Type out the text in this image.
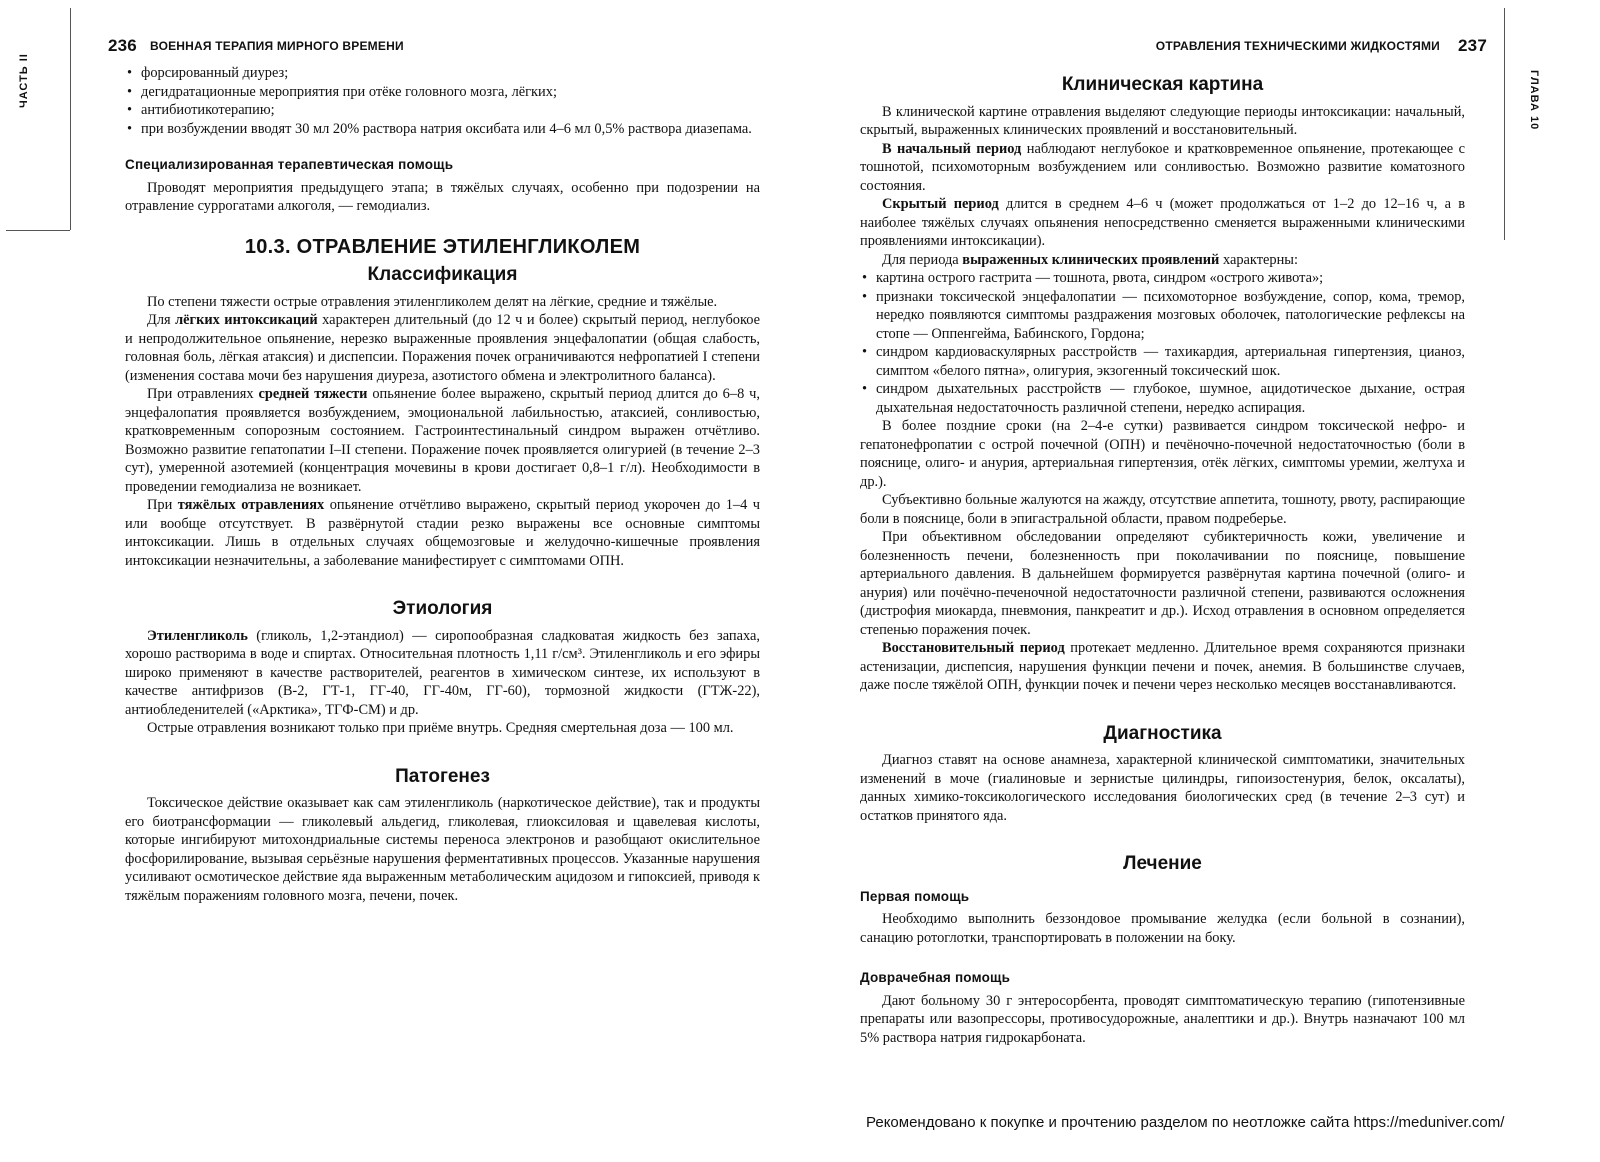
236 ВОЕННАЯ ТЕРАПИЯ МИРНОГО ВРЕМЕНИ
• форсированный диурез;
• дегидратационные мероприятия при отёке головного мозга, лёгких;
• антибиотикотерапию;
• при возбуждении вводят 30 мл 20% раствора натрия оксибата или 4–6 мл 0,5% раствора диазепама.
Специализированная терапевтическая помощь

Проводят мероприятия предыдущего этапа; в тяжёлых случаях, особенно при подозрении на отравление суррогатами алкоголя, — гемодиализ.

10.3. ОТРАВЛЕНИЕ ЭТИЛЕНГЛИКОЛЕМ
Классификация

По степени тяжести острые отравления этиленгликолем делят на лёгкие, средние и тяжёлые.

Для лёгких интоксикаций характерен длительный (до 12 ч и более) скрытый период, неглубокое и непродолжительное опьянение, нерезко выраженные проявления энцефалопатии (общая слабость, головная боль, лёгкая атаксия) и диспепсии. Поражения почек ограничиваются нефропатией I степени (изменения состава мочи без нарушения диуреза, азотистого обмена и электролитного баланса).

При отравлениях средней тяжести опьянение более выражено, скрытый период длится до 6–8 ч, энцефалопатия проявляется возбуждением, эмоциональной лабильностью, атаксией, сонливостью, кратковременным сопорозным состоянием. Гастроинтестинальный синдром выражен отчётливо. Возможно развитие гепатопатии I–II степени. Поражение почек проявляется олигурией (в течение 2–3 сут), умеренной азотемией (концентрация мочевины в крови достигает 0,8–1 г/л). Необходимости в проведении гемодиализа не возникает.

При тяжёлых отравлениях опьянение отчётливо выражено, скрытый период укорочен до 1–4 ч или вообще отсутствует. В развёрнутой стадии резко выражены все основные симптомы интоксикации. Лишь в отдельных случаях общемозговые и желудочно-кишечные проявления интоксикации незначительны, а заболевание манифестирует с симптомами ОПН.

Этиология

Этиленгликоль (гликоль, 1,2-этандиол) — сиропообразная сладковатая жидкость без запаха, хорошо растворима в воде и спиртах. Относительная плотность 1,11 г/см³. Этиленгликоль и его эфиры широко применяют в качестве растворителей, реагентов в химическом синтезе, их используют в качестве антифризов (В-2, ГТ-1, ГГ-40, ГГ-40м, ГГ-60), тормозной жидкости (ГТЖ-22), антиобледенителей («Арктика», ТГФ-СМ) и др.

Острые отравления возникают только при приёме внутрь. Средняя смертельная доза — 100 мл.

Патогенез

Токсическое действие оказывает как сам этиленгликоль (наркотическое действие), так и продукты его биотрансформации — гликолевый альдегид, гликолевая, глиоксиловая и щавелевая кислоты, которые ингибируют митохондриальные системы переноса электронов и разобщают окислительное фосфорилирование, вызывая серьёзные нарушения ферментативных процессов. Указанные нарушения усиливают осмотическое действие яда выраженным метаболическим ацидозом и гипоксией, приводя к тяжёлым поражениям головного мозга, печени, почек.

ЧАСТЬ II
ОТРАВЛЕНИЯ ТЕХНИЧЕСКИМИ ЖИДКОСТЯМИ 237
Клиническая картина

В клинической картине отравления выделяют следующие периоды интоксикации: начальный, скрытый, выраженных клинических проявлений и восстановительный.

В начальный период наблюдают неглубокое и кратковременное опьянение, протекающее с тошнотой, психомоторным возбуждением или сонливостью. Возможно развитие коматозного состояния.

Скрытый период длится в среднем 4–6 ч (может продолжаться от 1–2 до 12–16 ч, а в наиболее тяжёлых случаях опьянения непосредственно сменяется выраженными клиническими проявлениями интоксикации).

Для периода выраженных клинических проявлений характерны:

• картина острого гастрита — тошнота, рвота, синдром «острого живота»;
• признаки токсической энцефалопатии — психомоторное возбуждение, сопор, кома, тремор, нередко появляются симптомы раздражения мозговых оболочек, патологические рефлексы на стопе — Оппенгейма, Бабинского, Гордона;
• синдром кардиоваскулярных расстройств — тахикардия, артериальная гипертензия, цианоз, симптом «белого пятна», олигурия, экзогенный токсический шок.
• синдром дыхательных расстройств — глубокое, шумное, ацидотическое дыхание, острая дыхательная недостаточность различной степени, нередко аспирация.

В более поздние сроки (на 2–4-е сутки) развивается синдром токсической нефро- и гепатонефропатии с острой почечной (ОПН) и печёночно-почечной недостаточностью (боли в пояснице, олиго- и анурия, артериальная гипертензия, отёк лёгких, симптомы уремии, желтуха и др.).

Субъективно больные жалуются на жажду, отсутствие аппетита, тошноту, рвоту, распирающие боли в пояснице, боли в эпигастральной области, правом подреберье.

При объективном обследовании определяют субиктеричность кожи, увеличение и болезненность печени, болезненность при поколачивании по пояснице, повышение артериального давления. В дальнейшем формируется развёрнутая картина почечной (олиго- и анурия) или почёчно-печеночной недостаточности различной степени, развиваются осложнения (дистрофия миокарда, пневмония, панкреатит и др.). Исход отравления в основном определяется степенью поражения почек.

Восстановительный период протекает медленно. Длительное время сохраняются признаки астенизации, диспепсия, нарушения функции печени и почек, анемия. В большинстве случаев, даже после тяжёлой ОПН, функции почек и печени через несколько месяцев восстанавливаются.

Диагностика

Диагноз ставят на основе анамнеза, характерной клинической симптоматики, значительных изменений в моче (гиалиновые и зернистые цилиндры, гипоизостенурия, белок, оксалаты), данных химико-токсикологического исследования биологических сред (в течение 2–3 сут) и остатков принятого яда.

Лечение
Первая помощь

Необходимо выполнить беззондовое промывание желудка (если больной в сознании), санацию ротоглотки, транспортировать в положении на боку.

Доврачебная помощь

Дают больному 30 г энтеросорбента, проводят симптоматическую терапию (гипотензивные препараты или вазопрессоры, противосудорожные, аналептики и др.). Внутрь назначают 100 мл 5% раствора натрия гидрокарбоната.

ГЛАВА 10
Рекомендовано к покупке и прочтению разделом по неотложке сайта https://meduniver.com/
